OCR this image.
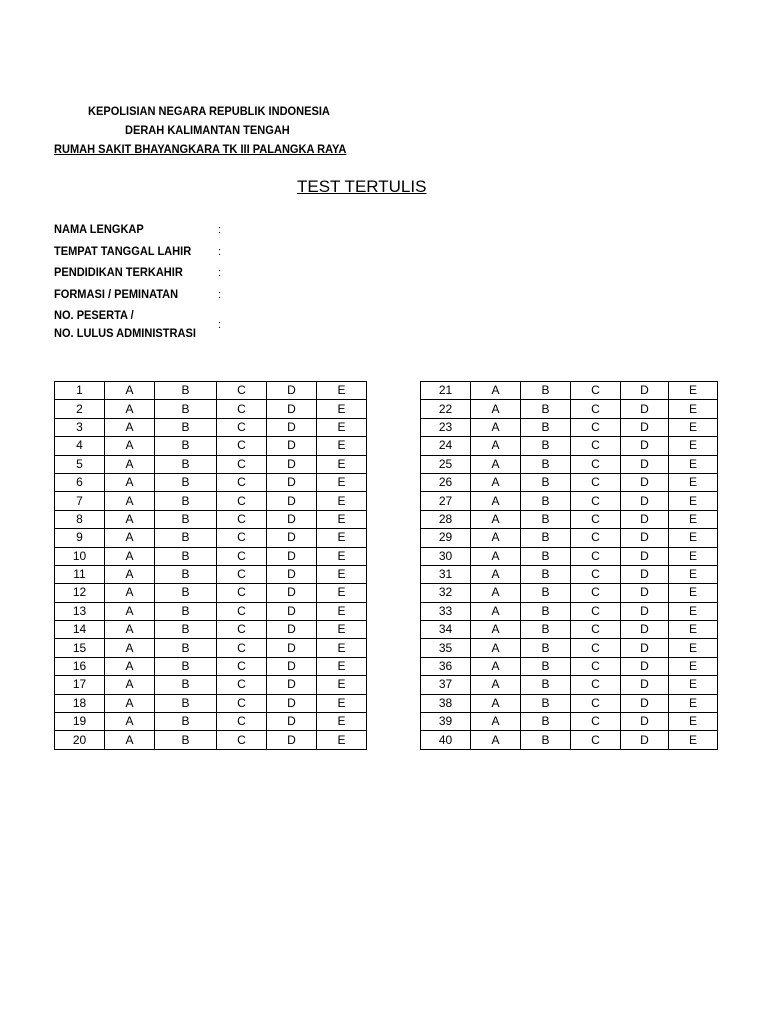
KEPOLISIAN NEGARA REPUBLIK INDONESIA
DERAH KALIMANTAN TENGAH
RUMAH SAKIT BHAYANGKARA TK III PALANGKA RAYA
TEST TERTULIS
NAMA LENGKAP	:
TEMPAT TANGGAL LAHIR :
PENDIDIKAN TERKAHIR	:
FORMASI / PEMINATAN	:
NO. PESERTA /
NO. LULUS ADMINISTRASI
:
1	A	B	C	D	E
2	A	B	C	D	E
3	A	B	C	D	E
4	A	B	C	D	E
5	A	B	C	D	E
6	A	B	C	D	E
7	A	B	C	D	E
8	A	B	C	D	E
9	A	B	C	D	E
10	A	B	C	D	E
11	A	B	C	D	E
12	A	B	C	D	E
13	A	B	C	D	E
14	A	B	C	D	E
15	A	B	C	D	E
16	A	B	C	D	E
17	A	B	C	D	E
18	A	B	C	D	E
19	A	B	C	D	E
20	A	B	C	D	E
21	A	B	C	D	E
22	A	B	C	D	E
23	A	B	C	D	E
24	A	B	C	D	E
25	A	B	C	D	E
26	A	B	C	D	E
27	A	B	C	D	E
28	A	B	C	D	E
29	A	B	C	D	E
30	A	B	C	D	E
31	A	B	C	D	E
32	A	B	C	D	E
33	A	B	C	D	E
34	A	B	C	D	E
35	A	B	C	D	E
36	A	B	C	D	E
37	A	B	C	D	E
38	A	B	C	D	E
39	A	B	C	D	E
40	A	B	C	D	E
